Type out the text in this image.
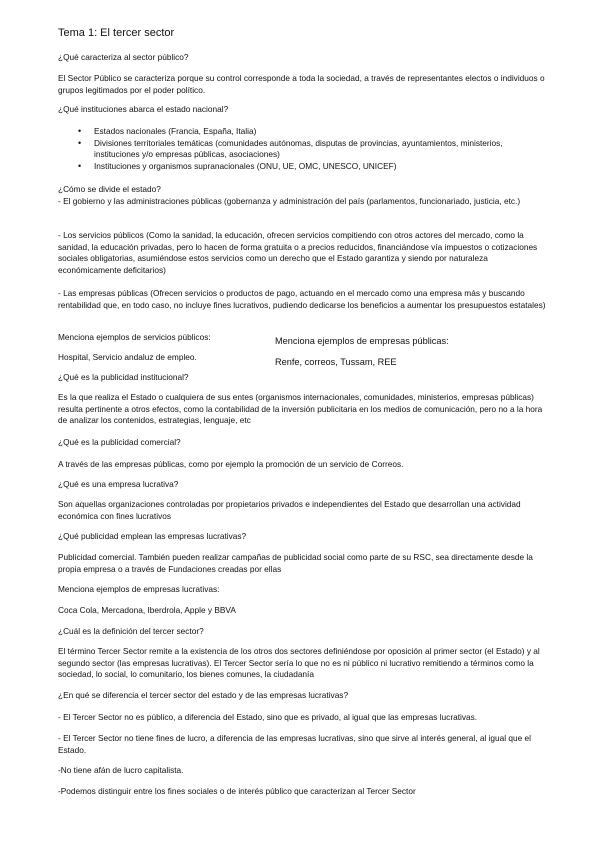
Tema 1: El tercer sector

¿Qué caracteriza al sector público?

El Sector Público se caracteriza porque su control corresponde a toda la sociedad, a través de representantes electos o individuos o grupos legitimados por el poder político.

¿Qué instituciones abarca el estado nacional?

• Estados nacionales (Francia, España, Italia)
• Divisiones territoriales temáticas (comunidades autónomas, disputas de provincias, ayuntamientos, ministerios, instituciones y/o empresas públicas, asociaciones)
• Instituciones y organismos supranacionales (ONU, UE, OMC, UNESCO, UNICEF)

¿Cómo se divide el estado?

- El gobierno y las administraciones públicas (gobernanza y administración del país (parlamentos, funcionariado, justicia, etc.)

- Los servicios públicos (Como la sanidad, la educación, ofrecen servicios compitiendo con otros actores del mercado, como la sanidad, la educación privadas, pero lo hacen de forma gratuita o a precios reducidos, financiándose vía impuestos o cotizaciones sociales obligatorias, asumiéndose estos servicios como un derecho que el Estado garantiza y siendo por naturaleza económicamente deficitarios)

- Las empresas públicas (Ofrecen servicios o productos de pago, actuando en el mercado como una empresa más y buscando rentabilidad que, en todo caso, no incluye fines lucrativos, pudiendo dedicarse los beneficios a aumentar los presupuestos estatales)

Menciona ejemplos de servicios públicos:

Hospital, Servicio andaluz de empleo.

Menciona ejemplos de empresas públicas:

Renfe, correos, Tussam, REE

¿Qué es la publicidad institucional?

Es la que realiza el Estado o cualquiera de sus entes (organismos internacionales, comunidades, ministerios, empresas públicas) resulta pertinente a otros efectos, como la contabilidad de la inversión publicitaria en los medios de comunicación, pero no a la hora de analizar los contenidos, estrategias, lenguaje, etc

¿Qué es la publicidad comercial?

A través de las empresas públicas, como por ejemplo la promoción de un servicio de Correos.

¿Qué es una empresa lucrativa?

Son aquellas organizaciones controladas por propietarios privados e independientes del Estado que desarrollan una actividad económica con fines lucrativos

¿Qué publicidad emplean las empresas lucrativas?

Publicidad comercial. También pueden realizar campañas de publicidad social como parte de su RSC, sea directamente desde la propia empresa o a través de Fundaciones creadas por ellas

Menciona ejemplos de empresas lucrativas:

Coca Cola, Mercadona, Iberdrola, Apple y BBVA

¿Cuál es la definición del tercer sector?

El término Tercer Sector remite a la existencia de los otros dos sectores definiéndose por oposición al primer sector (el Estado) y al segundo sector (las empresas lucrativas). El Tercer Sector sería lo que no es ni público ni lucrativo remitiendo a términos como la sociedad, lo social, lo comunitario, los bienes comunes, la ciudadanía

¿En qué se diferencia el tercer sector del estado y de las empresas lucrativas?

- El Tercer Sector no es público, a diferencia del Estado, sino que es privado, al igual que las empresas lucrativas.

- El Tercer Sector no tiene fines de lucro, a diferencia de las empresas lucrativas, sino que sirve al interés general, al igual que el Estado.

-No tiene afán de lucro capitalista.

-Podemos distinguir entre los fines sociales o de interés público que caracterizan al Tercer Sector
